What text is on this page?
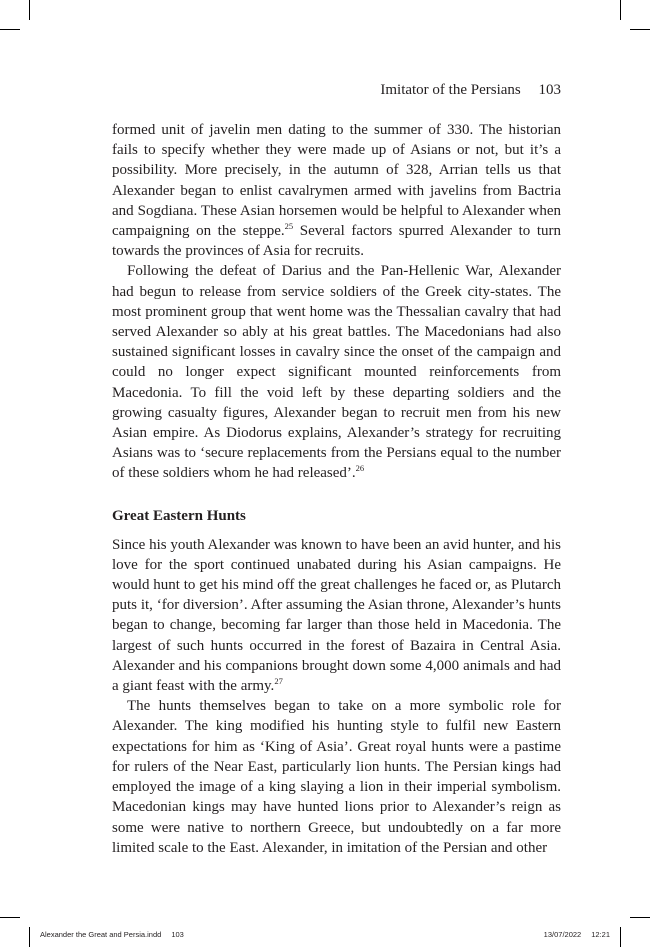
Imitator of the Persians 103

formed unit of javelin men dating to the summer of 330. The historian fails to specify whether they were made up of Asians or not, but it’s a possibility. More precisely, in the autumn of 328, Arrian tells us that Alexander began to enlist cavalrymen armed with javelins from Bactria and Sogdiana. These Asian horsemen would be helpful to Alexander when campaigning on the steppe.$^{25}$ Several factors spurred Alexander to turn towards the provinces of Asia for recruits.

Following the defeat of Darius and the Pan-Hellenic War, Alexander had begun to release from service soldiers of the Greek city-states. The most prominent group that went home was the Thessalian cavalry that had served Alexander so ably at his great battles. The Macedonians had also sustained significant losses in cavalry since the onset of the campaign and could no longer expect significant mounted reinforcements from Macedonia. To fill the void left by these departing soldiers and the growing casualty figures, Alexander began to recruit men from his new Asian empire. As Diodorus explains, Alexander’s strategy for recruiting Asians was to ‘secure replacements from the Persians equal to the number of these soldiers whom he had released’.$^{26}$

Great Eastern Hunts

Since his youth Alexander was known to have been an avid hunter, and his love for the sport continued unabated during his Asian campaigns. He would hunt to get his mind off the great challenges he faced or, as Plutarch puts it, ‘for diversion’. After assuming the Asian throne, Alexander’s hunts began to change, becoming far larger than those held in Macedonia. The largest of such hunts occurred in the forest of Bazaira in Central Asia. Alexander and his companions brought down some 4,000 animals and had a giant feast with the army.$^{27}$

The hunts themselves began to take on a more symbolic role for Alexander. The king modified his hunting style to fulfil new Eastern expectations for him as ‘King of Asia’. Great royal hunts were a pastime for rulers of the Near East, particularly lion hunts. The Persian kings had employed the image of a king slaying a lion in their imperial symbolism. Macedonian kings may have hunted lions prior to Alexander’s reign as some were native to northern Greece, but undoubtedly on a far more limited scale to the East. Alexander, in imitation of the Persian and other

Alexander the Great and Persia.indd 103	13/07/2022 12:21
